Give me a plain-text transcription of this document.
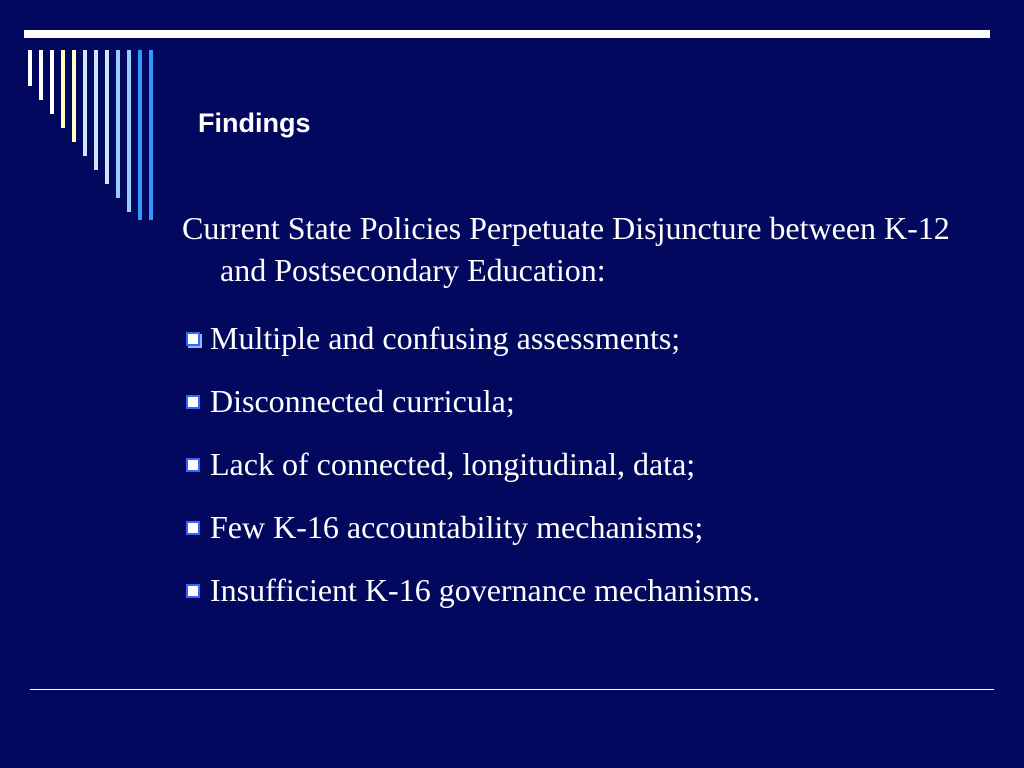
Findings

Current State Policies Perpetuate Disjuncture between K-12 and Postsecondary Education:

Multiple and confusing assessments;
Disconnected curricula;
Lack of connected, longitudinal, data;
Few K-16 accountability mechanisms;
Insufficient K-16 governance mechanisms.
